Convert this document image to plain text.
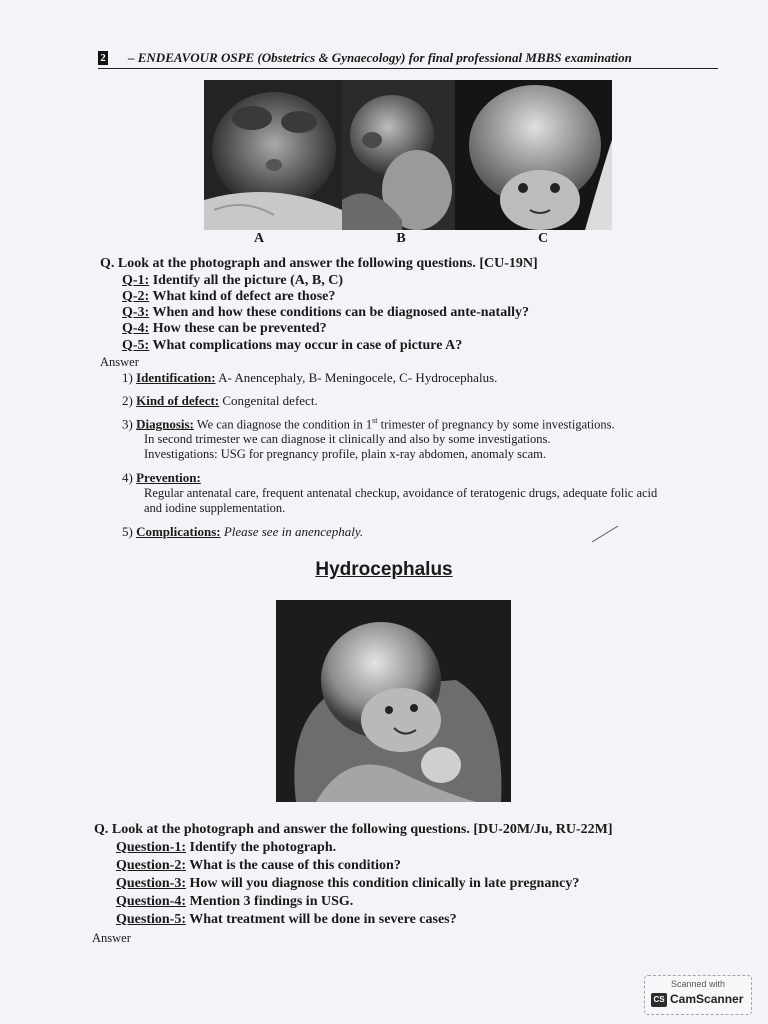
2 – ENDEAVOUR OSPE (Obstetrics & Gynaecology) for final professional MBBS examination
A	B	C
Q. Look at the photograph and answer the following questions. [CU-19N]
Q-1: Identify all the picture (A, B, C)
Q-2: What kind of defect are those?
Q-3: When and how these conditions can be diagnosed ante-natally?
Q-4: How these can be prevented?
Q-5: What complications may occur in case of picture A?
Answer
1) Identification: A- Anencephaly, B- Meningocele, C- Hydrocephalus.
2) Kind of defect: Congenital defect.
3) Diagnosis: We can diagnose the condition in 1st trimester of pregnancy by some investigations.
In second trimester we can diagnose it clinically and also by some investigations.
Investigations: USG for pregnancy profile, plain x-ray abdomen, anomaly scam.
4) Prevention:
Regular antenatal care, frequent antenatal checkup, avoidance of teratogenic drugs, adequate folic acid
and iodine supplementation.
5) Complications: Please see in anencephaly.
Hydrocephalus
Q. Look at the photograph and answer the following questions. [DU-20M/Ju, RU-22M]
Question-1: Identify the photograph.
Question-2: What is the cause of this condition?
Question-3: How will you diagnose this condition clinically in late pregnancy?
Question-4: Mention 3 findings in USG.
Question-5: What treatment will be done in severe cases?
Answer
Scanned with
CS CamScanner
